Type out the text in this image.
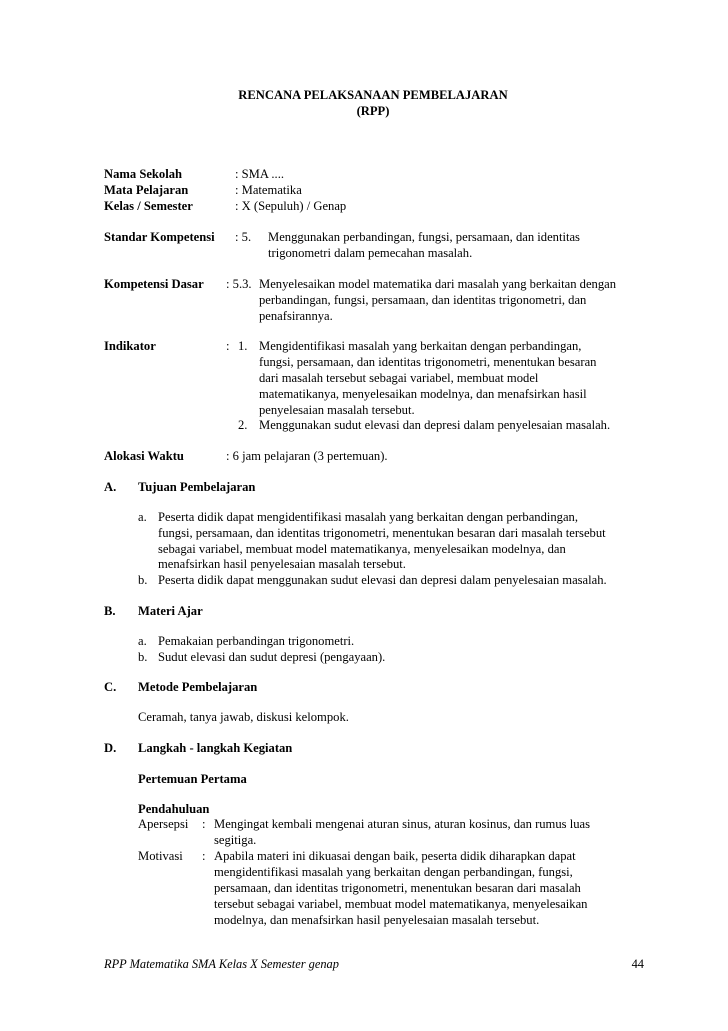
RENCANA PELAKSANAAN PEMBELAJARAN
(RPP)
Nama Sekolah	: SMA ....
Mata Pelajaran	: Matematika
Kelas / Semester	: X (Sepuluh) / Genap
Standar Kompetensi : 5. Menggunakan perbandingan, fungsi, persamaan, dan identitas
trigonometri dalam pemecahan masalah.
Kompetensi Dasar : 5.3. Menyelesaikan model matematika dari masalah yang berkaitan dengan
perbandingan, fungsi, persamaan, dan identitas trigonometri, dan
penafsirannya.
Indikator	: 1. Mengidentifikasi masalah yang berkaitan dengan perbandingan,
fungsi, persamaan, dan identitas trigonometri, menentukan besaran
dari masalah tersebut sebagai variabel, membuat model
matematikanya, menyelesaikan modelnya, dan menafsirkan hasil
penyelesaian masalah tersebut.
2. Menggunakan sudut elevasi dan depresi dalam penyelesaian masalah.
Alokasi Waktu	: 6 jam pelajaran (3 pertemuan).
A. Tujuan Pembelajaran
a. Peserta didik dapat mengidentifikasi masalah yang berkaitan dengan perbandingan,
fungsi, persamaan, dan identitas trigonometri, menentukan besaran dari masalah tersebut
sebagai variabel, membuat model matematikanya, menyelesaikan modelnya, dan
menafsirkan hasil penyelesaian masalah tersebut.
b. Peserta didik dapat menggunakan sudut elevasi dan depresi dalam penyelesaian masalah.
B. Materi Ajar
a. Pemakaian perbandingan trigonometri.
b. Sudut elevasi dan sudut depresi (pengayaan).
C. Metode Pembelajaran
Ceramah, tanya jawab, diskusi kelompok.
D. Langkah - langkah Kegiatan
Pertemuan Pertama
Pendahuluan
Apersepsi : Mengingat kembali mengenai aturan sinus, aturan kosinus, dan rumus luas
segitiga.
Motivasi : Apabila materi ini dikuasai dengan baik, peserta didik diharapkan dapat
mengidentifikasi masalah yang berkaitan dengan perbandingan, fungsi,
persamaan, dan identitas trigonometri, menentukan besaran dari masalah
tersebut sebagai variabel, membuat model matematikanya, menyelesaikan
modelnya, dan menafsirkan hasil penyelesaian masalah tersebut.
RPP Matematika SMA Kelas X Semester genap	44
